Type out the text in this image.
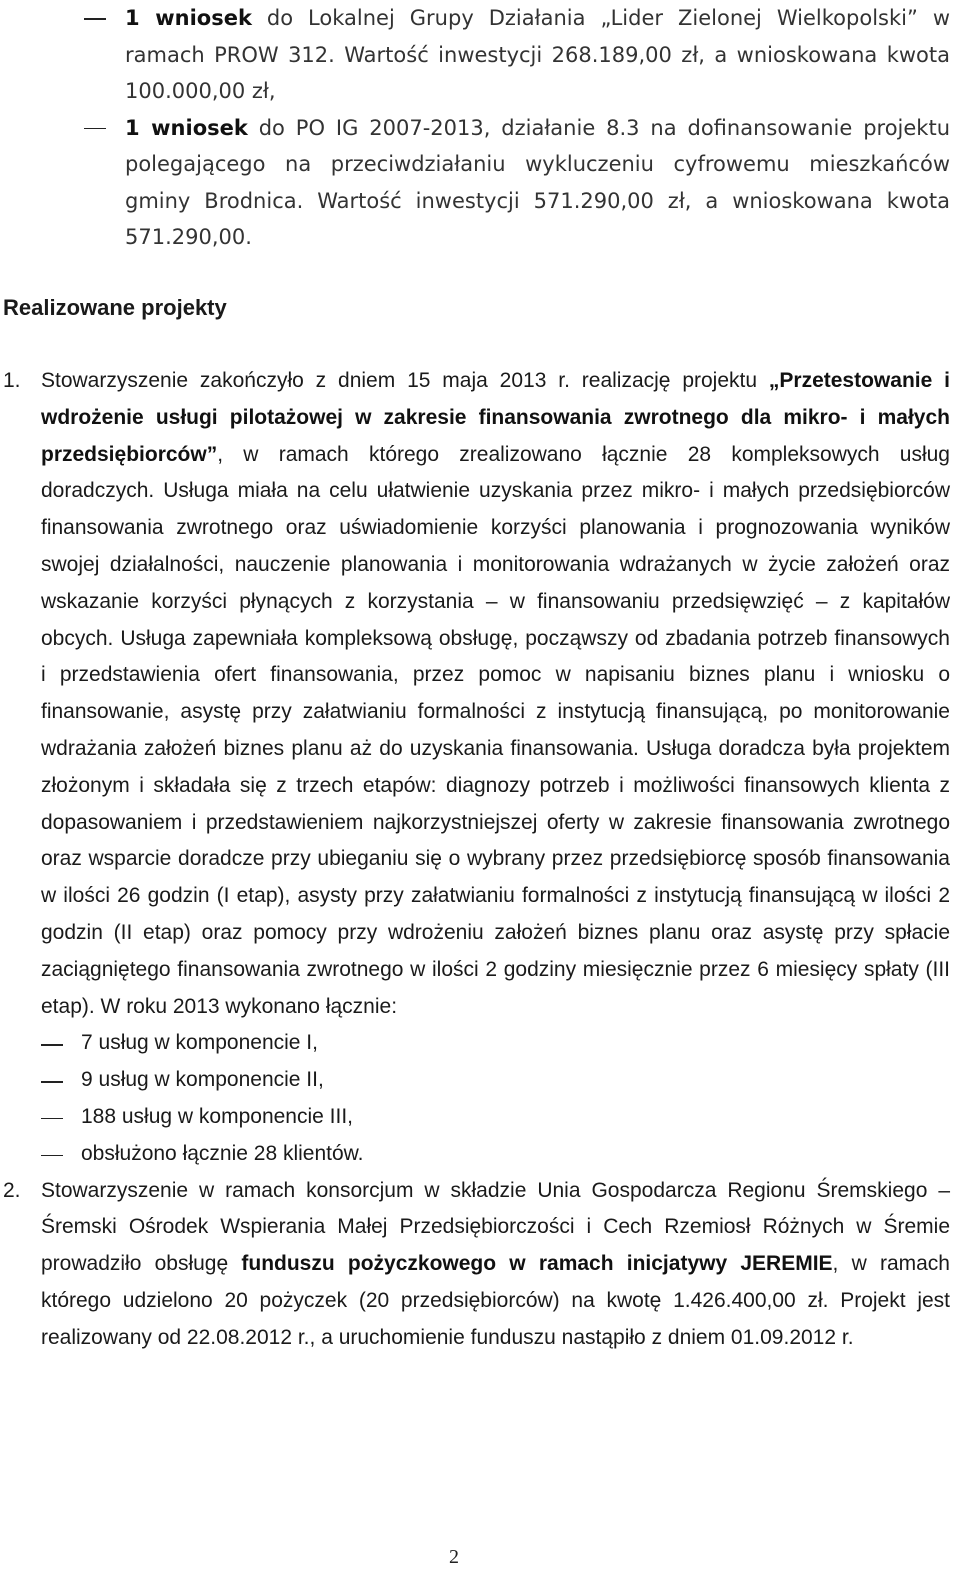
1 wniosek do Lokalnej Grupy Działania „Lider Zielonej Wielkopolski” w ramach PROW 312. Wartość inwestycji 268.189,00 zł, a wnioskowana kwota 100.000,00 zł,

1 wniosek do PO IG 2007-2013, działanie 8.3 na dofinansowanie projektu polegającego na przeciwdziałaniu wykluczeniu cyfrowemu mieszkańców gminy Brodnica. Wartość inwestycji 571.290,00 zł, a wnioskowana kwota 571.290,00.

Realizowane projekty
1. Stowarzyszenie zakończyło z dniem 15 maja 2013 r. realizację projektu „Przetestowanie i wdrożenie usługi pilotażowej w zakresie finansowania zwrotnego dla mikro- i małych przedsiębiorców”, w ramach którego zrealizowano łącznie 28 kompleksowych usług doradczych. Usługa miała na celu ułatwienie uzyskania przez mikro- i małych przedsiębiorców finansowania zwrotnego oraz uświadomienie korzyści planowania i prognozowania wyników swojej działalności, nauczenie planowania i monitorowania wdrażanych w życie założeń oraz wskazanie korzyści płynących z korzystania – w finansowaniu przedsięwzięć – z kapitałów obcych. Usługa zapewniała kompleksową obsługę, począwszy od zbadania potrzeb finansowych i przedstawienia ofert finansowania, przez pomoc w napisaniu biznes planu i wniosku o finansowanie, asystę przy załatwianiu formalności z instytucją finansującą, po monitorowanie wdrażania założeń biznes planu aż do uzyskania finansowania. Usługa doradcza była projektem złożonym i składała się z trzech etapów: diagnozy potrzeb i możliwości finansowych klienta z dopasowaniem i przedstawieniem najkorzystniejszej oferty w zakresie finansowania zwrotnego oraz wsparcie doradcze przy ubieganiu się o wybrany przez przedsiębiorcę sposób finansowania w ilości 26 godzin (I etap), asysty przy załatwianiu formalności z instytucją finansującą w ilości 2 godzin (II etap) oraz pomocy przy wdrożeniu założeń biznes planu oraz asystę przy spłacie zaciągniętego finansowania zwrotnego w ilości 2 godziny miesięcznie przez 6 miesięcy spłaty (III etap). W roku 2013 wykonano łącznie:

7 usług w komponencie I,

9 usług w komponencie II,

188 usług w komponencie III,

obsłużono łącznie 28 klientów.

2. Stowarzyszenie w ramach konsorcjum w składzie Unia Gospodarcza Regionu Śremskiego – Śremski Ośrodek Wspierania Małej Przedsiębiorczości i Cech Rzemiosł Różnych w Śremie prowadziło obsługę funduszu pożyczkowego w ramach inicjatywy JEREMIE, w ramach którego udzielono 20 pożyczek (20 przedsiębiorców) na kwotę 1.426.400,00 zł. Projekt jest realizowany od 22.08.2012 r., a uruchomienie funduszu nastąpiło z dniem 01.09.2012 r.

2
